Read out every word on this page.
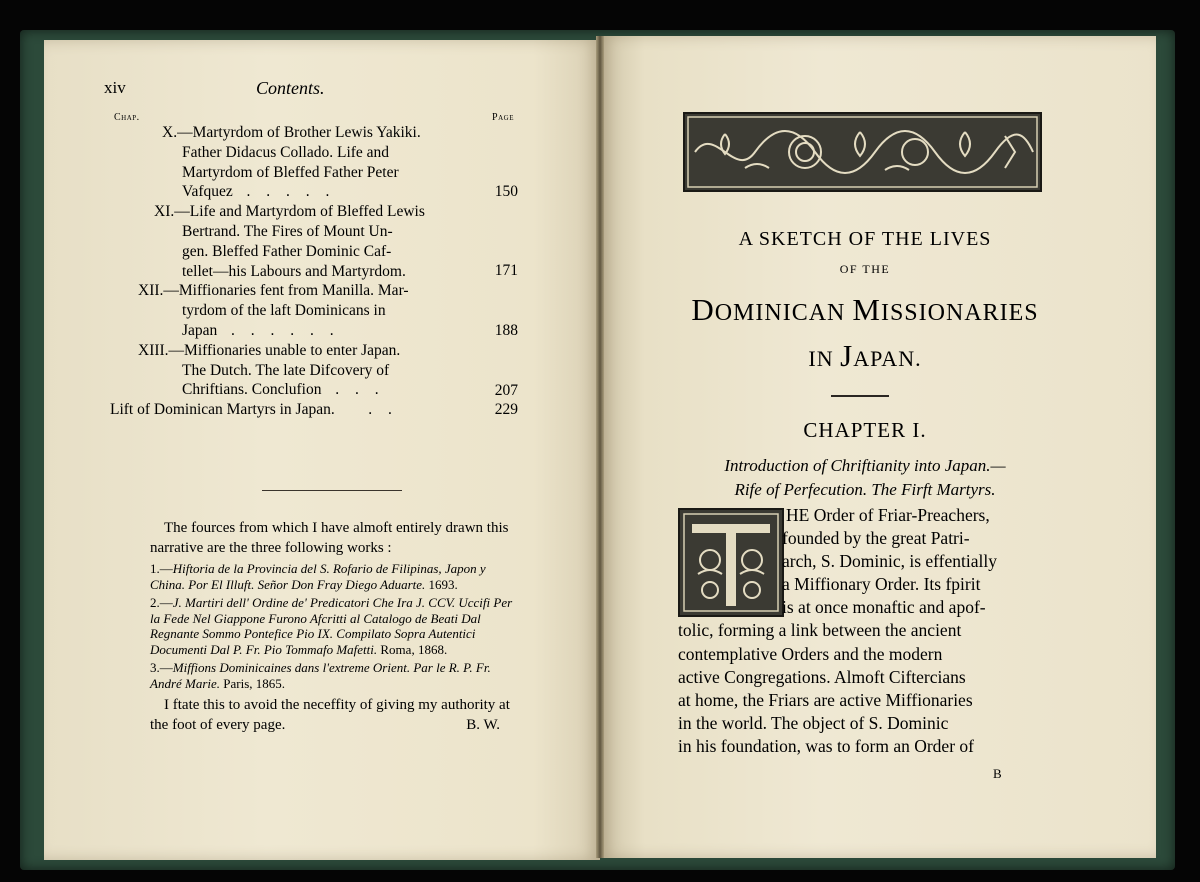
xiv	Contents.
Chap.	Page
X.—Martyrdom of Brother Lewis Yakiki.
Father Didacus Collado. Life and
Martyrdom of Bleffed Father Peter
Vafquez  . . . . .	150
XI.—Life and Martyrdom of Bleffed Lewis
Bertrand. The Fires of Mount Un-
gen. Bleffed Father Dominic Caf-
tellet—his Labours and Martyrdom.	171
XII.—Miffionaries fent from Manilla. Mar-
tyrdom of the laft Dominicans in
Japan  . . . . . .	188
XIII.—Miffionaries unable to enter Japan.
The Dutch. The late Difcovery of
Chriftians. Conclufion  . . .	207
Lift of Dominican Martyrs in Japan.    . .	229

The fources from which I have almoft entirely drawn this narrative are the three following works :

1.—Hiftoria de la Provincia del S. Rofario de Filipinas, Japon y China. Por El Illuft. Señor Don Fray Diego Aduarte. 1693.

2.—J. Martiri dell' Ordine de' Predicatori Che Ira J. CCV. Uccifi Per la Fede Nel Giappone Furono Afcritti al Catalogo de Beati Dal Regnante Sommo Pontefice Pio IX. Compilato Sopra Autentici Documenti Dal P. Fr. Pio Tommafo Mafetti. Roma, 1868.

3.—Miffions Dominicaines dans l'extreme Orient. Par le R. P. Fr. André Marie. Paris, 1865.

I ftate this to avoid the neceffity of giving my authority at the foot of every page.	B. W.

A SKETCH OF THE LIVES
OF THE
DOMINICAN MISSIONARIES
IN JAPAN.
CHAPTER I.
Introduction of Chriftianity into Japan.—
Rife of Perfecution. The Firft Martyrs.
HE Order of Friar-Preachers,
founded by the great Patri-
arch, S. Dominic, is effentially
a Miffionary Order. Its fpirit
is at once monaftic and apof-
tolic, forming a link between the ancient
contemplative Orders and the modern
active Congregations. Almoft Ciftercians
at home, the Friars are active Miffionaries
in the world. The object of S. Dominic
in his foundation, was to form an Order of
B
